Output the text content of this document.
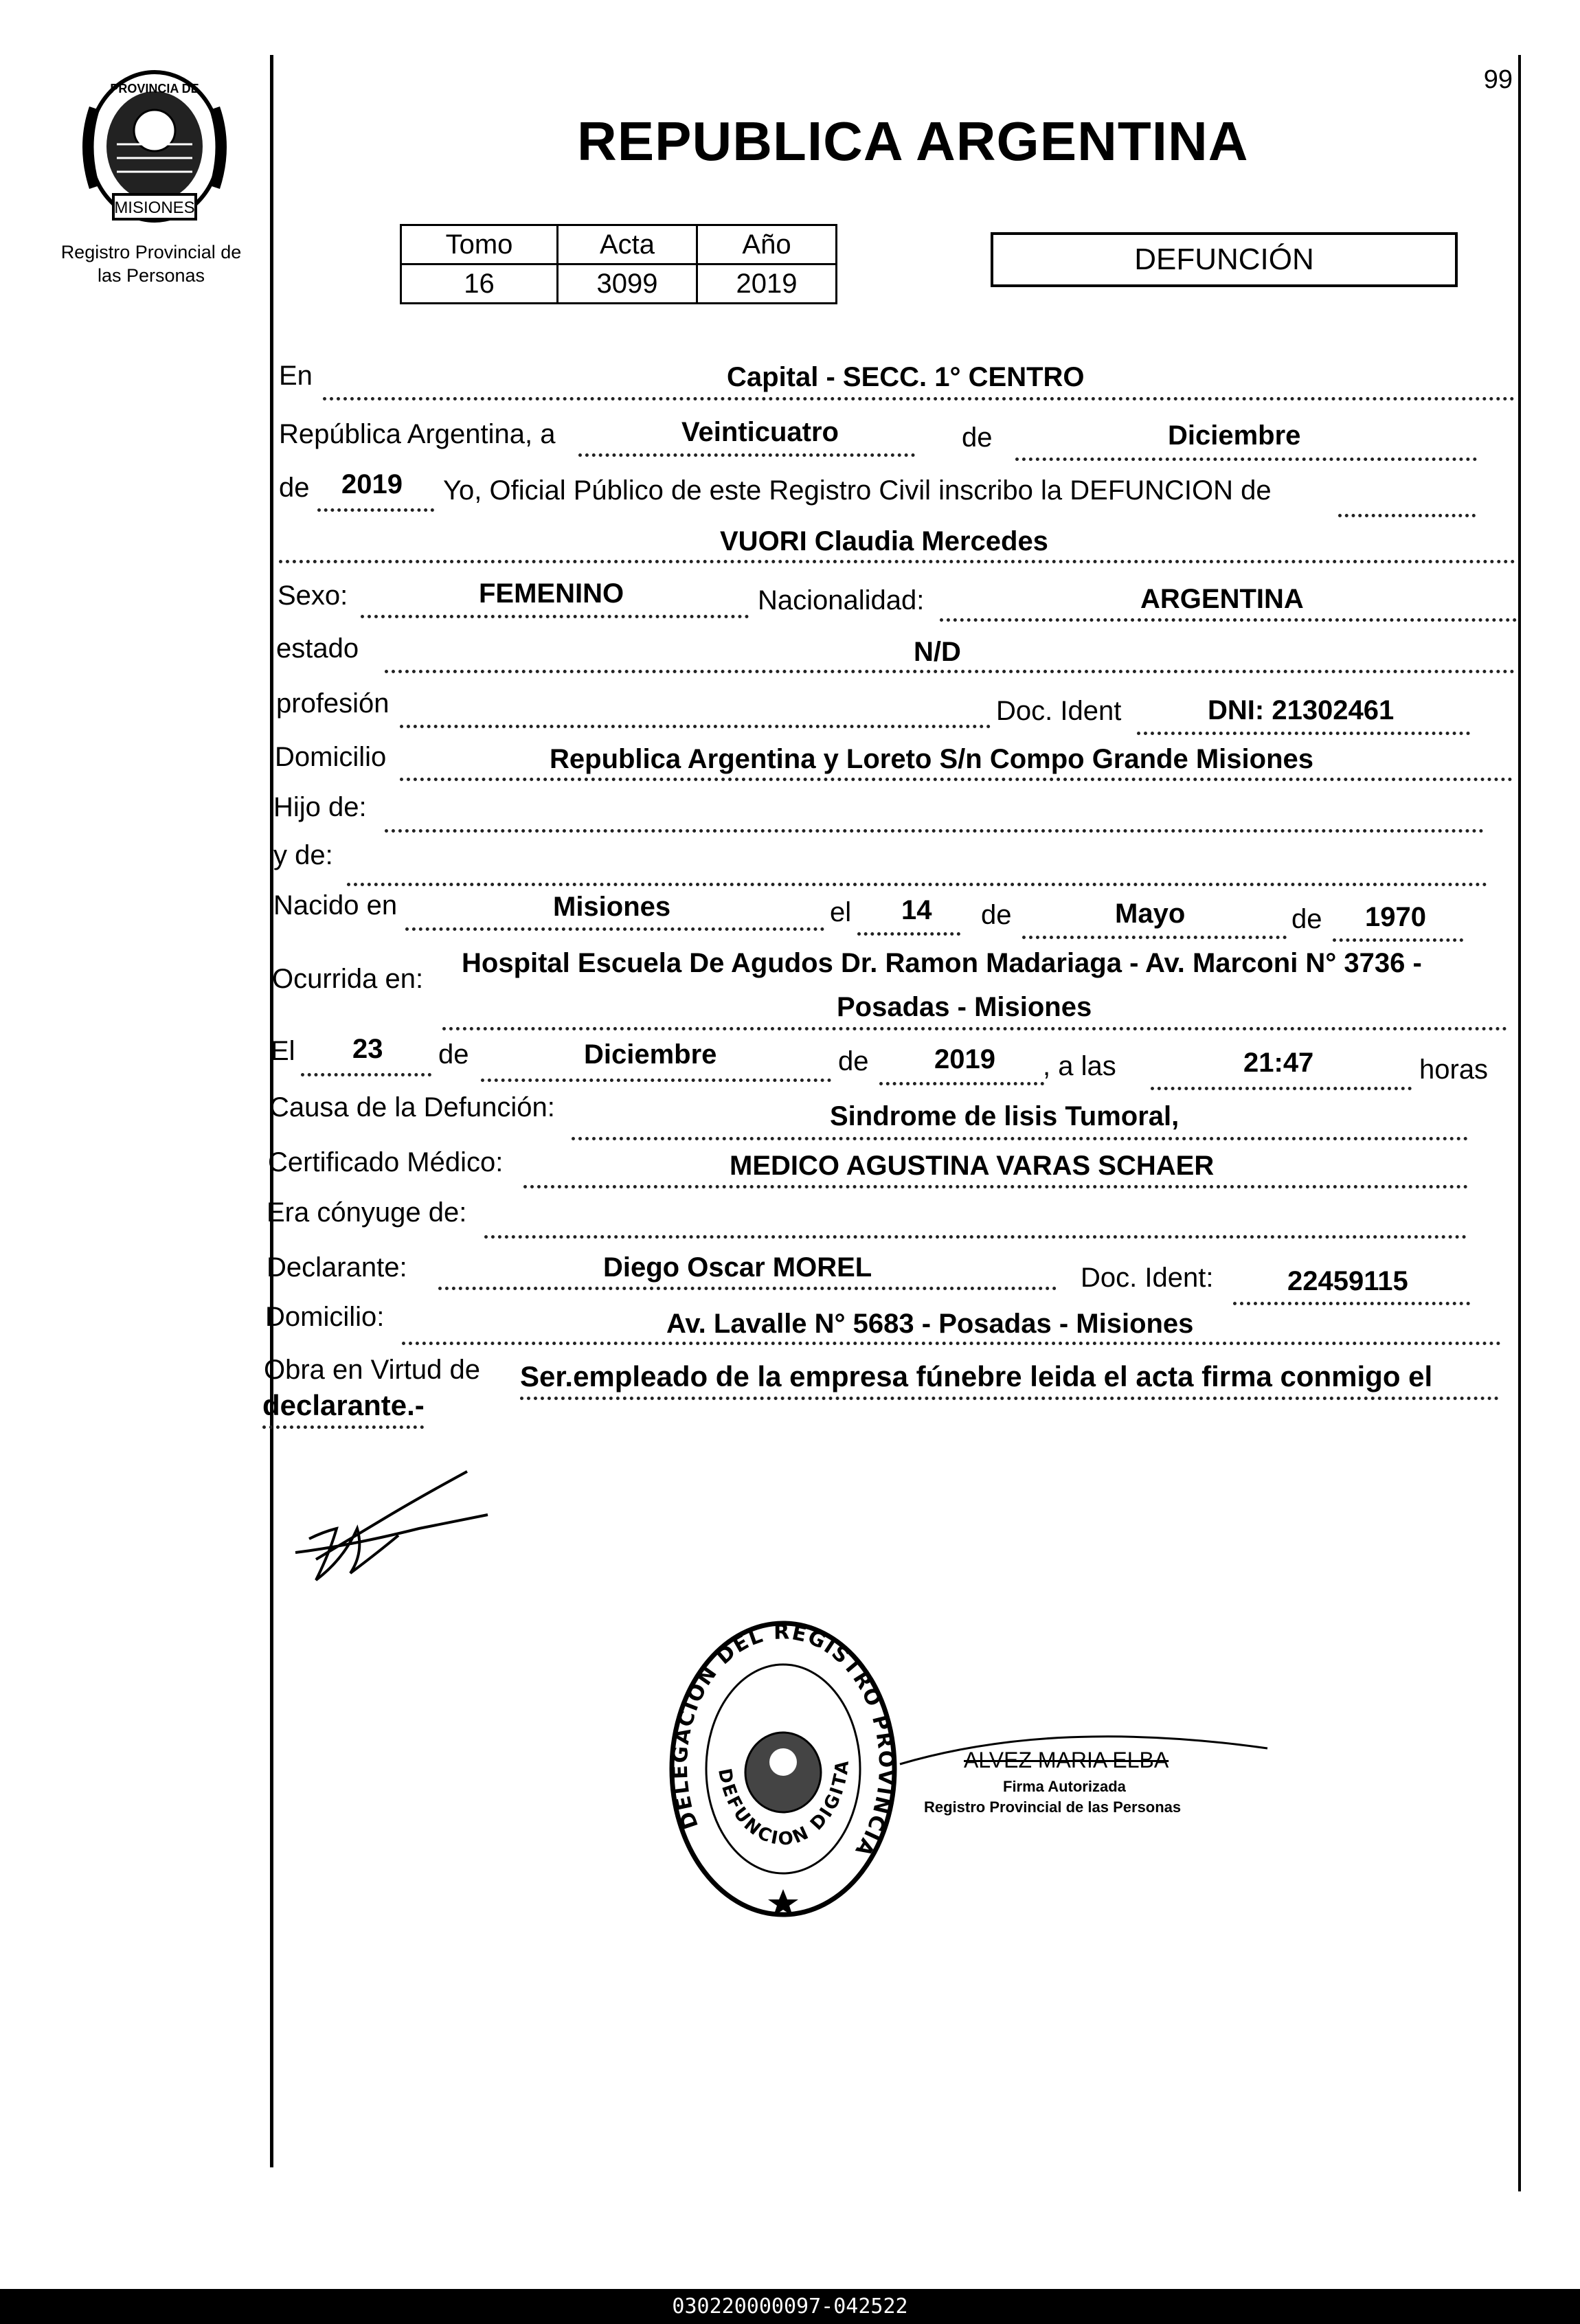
99
PROVINCIA DE
MISIONES
Registro Provincial de
las Personas
REPUBLICA ARGENTINA
Tomo	Acta	Año
16	3099	2019
DEFUNCIÓN
En	Capital - SECC. 1° CENTRO
República Argentina, a	Veinticuatro	de	Diciembre
de 2019 Yo, Oficial Público de este Registro Civil inscribo la DEFUNCION de
VUORI Claudia Mercedes
Sexo:	FEMENINO	Nacionalidad:	ARGENTINA
estado	N/D
profesión	Doc. Ident	DNI: 21302461
Domicilio	Republica Argentina y Loreto S/n Compo Grande Misiones
Hijo de:
y de:
Nacido en	Misiones	el 14 de	Mayo	de 1970
Ocurrida en:
Hospital Escuela De Agudos Dr. Ramon Madariaga - Av. Marconi N° 3736 -
Posadas - Misiones
El 23 de	Diciembre	de 2019 , a las	21:47	horas
Causa de la Defunción:	Sindrome de lisis Tumoral,
Certificado Médico:	MEDICO AGUSTINA VARAS SCHAER
Era cónyuge de:
Declarante:	Diego Oscar MOREL	Doc. Ident:	22459115
Domicilio:	Av. Lavalle N° 5683 - Posadas - Misiones
Obra en Virtud de Ser.empleado de la empresa fúnebre leida el acta firma conmigo el
declarante.-
DELEGACION DEL REGISTRO PROVINCIA
DEFUNCION DIGITA	ALVEZ MARIA ELBA
Firma Autorizada
Registro Provincial de las Personas
030220000097-042522
